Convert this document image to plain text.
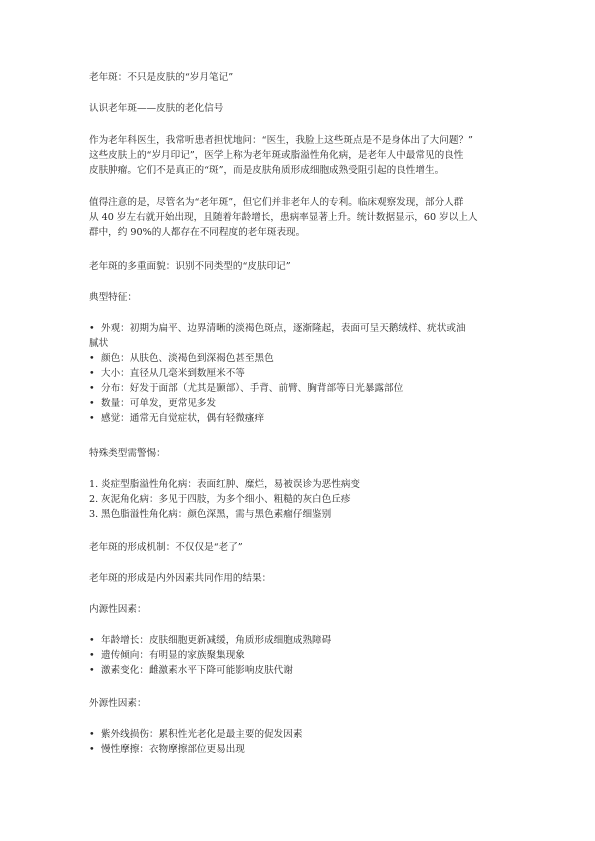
老年斑：不只是皮肤的“岁月笔记”

认识老年斑——皮肤的老化信号

作为老年科医生，我常听患者担忧地问：“医生，我脸上这些斑点是不是身体出了大问题？”
这些皮肤上的“岁月印记”，医学上称为老年斑或脂溢性角化病，是老年人中最常见的良性
皮肤肿瘤。它们不是真正的“斑”，而是皮肤角质形成细胞成熟受阻引起的良性增生。
值得注意的是，尽管名为“老年斑”，但它们并非老年人的专利。临床观察发现，部分人群
从 40 岁左右就开始出现，且随着年龄增长，患病率显著上升。统计数据显示，60 岁以上人
群中，约 90%的人都存在不同程度的老年斑表现。

老年斑的多重面貌：识别不同类型的“皮肤印记”

典型特征：

• 外观：初期为扁平、边界清晰的淡褐色斑点，逐渐隆起，表面可呈天鹅绒样、疣状或油
腻状
• 颜色：从肤色、淡褐色到深褐色甚至黑色
• 大小：直径从几毫米到数厘米不等
• 分布：好发于面部（尤其是颞部）、手背、前臂、胸背部等日光暴露部位
• 数量：可单发，更常见多发
• 感觉：通常无自觉症状，偶有轻微瘙痒

特殊类型需警惕：

1. 炎症型脂溢性角化病：表面红肿、糜烂，易被误诊为恶性病变
2. 灰泥角化病：多见于四肢，为多个细小、粗糙的灰白色丘疹
3. 黑色脂溢性角化病：颜色深黑，需与黑色素瘤仔细鉴别

老年斑的形成机制：不仅仅是“老了”

老年斑的形成是内外因素共同作用的结果：

内源性因素：

• 年龄增长：皮肤细胞更新减缓，角质形成细胞成熟障碍
• 遗传倾向：有明显的家族聚集现象
• 激素变化：雌激素水平下降可能影响皮肤代谢

外源性因素：

• 紫外线损伤：累积性光老化是最主要的促发因素
• 慢性摩擦：衣物摩擦部位更易出现
